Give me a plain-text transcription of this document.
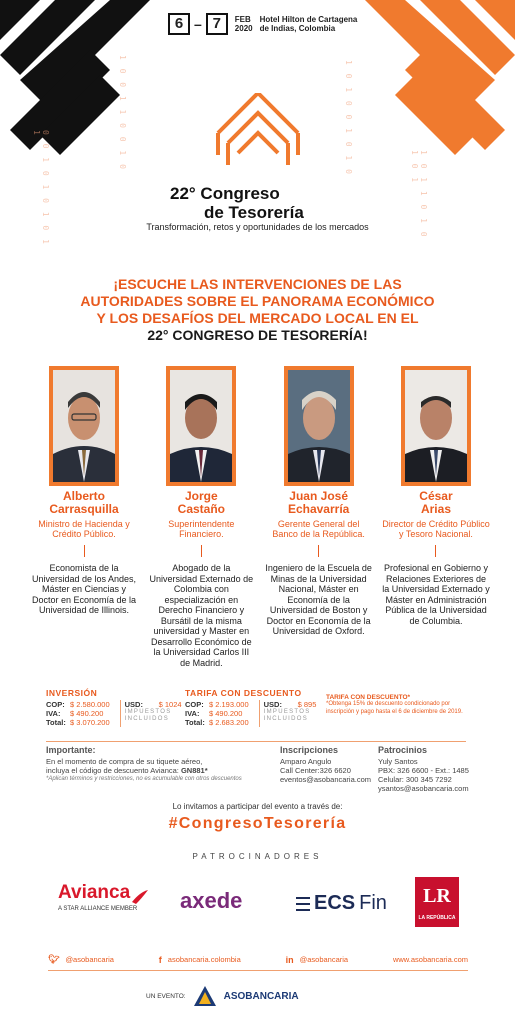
1 0 0 1 1 0 0 1 0
0 0 1 0 1 0 1 0 1 1
1 0 1 1 0 1 0 1 0 1
1 0 1 0 0 1 0 1 0
6 – 7	FEB
2020
Hotel Hilton de Cartagena
de Indias, Colombia
22° Congreso
de Tesorería
Transformación, retos y oportunidades de los mercados
¡ESCUCHE LAS INTERVENCIONES DE LAS
AUTORIDADES SOBRE EL PANORAMA ECONÓMICO
Y LOS DESAFÍOS DEL MERCADO LOCAL EN EL
22° CONGRESO DE TESORERÍA!
Alberto
Carrasquilla
Ministro de Hacienda y Crédito Público.
Economista de la Universidad de los Andes, Máster en Ciencias y Doctor en Economía de la Universidad de Illinois.
Jorge
Castaño
Superintendente Financiero.
Abogado de la Universidad Externado de Colombia con especialización en Derecho Financiero y Bursátil de la misma universidad y Master en Desarrollo Económico de la Universidad Carlos III de Madrid.
Juan José
Echavarría
Gerente General del Banco de la República.
Ingeniero de la Escuela de Minas de la Universidad Nacional, Máster en Economía de la Universidad de Boston y Doctor en Economía de la Universidad de Oxford.
César
Arias
Director de Crédito Público y Tesoro Nacional.
Profesional en Gobierno y Relaciones Exteriores de la Universidad Externado y Máster en Administración Pública de la Universidad de Columbia.
INVERSIÓN
COP: $ 2.580.000
IVA:	$ 490.200
Total: $ 3.070.200
USD: $ 1024
IMPUESTOS INCLUIDOS
TARIFA CON DESCUENTO
COP: $ 2.193.000
IVA:	$ 490.200
Total: $ 2.683.200
USD: $ 895
IMPUESTOS INCLUIDOS
TARIFA CON DESCUENTO*
*Obtenga 15% de descuento condicionado por inscripción y pago hasta el 6 de diciembre de 2019.
Importante:
En el momento de compra de su tiquete aéreo,
incluya el código de descuento Avianca: GN881*
*Aplican términos y restricciones, no es acumulable con otros descuentos
Inscripciones
Amparo Angulo
Call Center:326 6620
eventos@asobancaria.com
Patrocinios
Yuly Santos
PBX: 326 6600 - Ext.: 1485
Celular: 300 345 7292
ysantos@asobancaria.com
Lo invitamos a participar del evento a través de:
#CongresoTesorería
PATROCINADORES
Avianca
A STAR ALLIANCE MEMBER	axede	ECS Fin	LR
LA REPÚBLICA
🐦︎ @asobancaria	f asobancaria.colombia	in @asobancaria	www.asobancaria.com
UN EVENTO:	ASOBANCARIA
